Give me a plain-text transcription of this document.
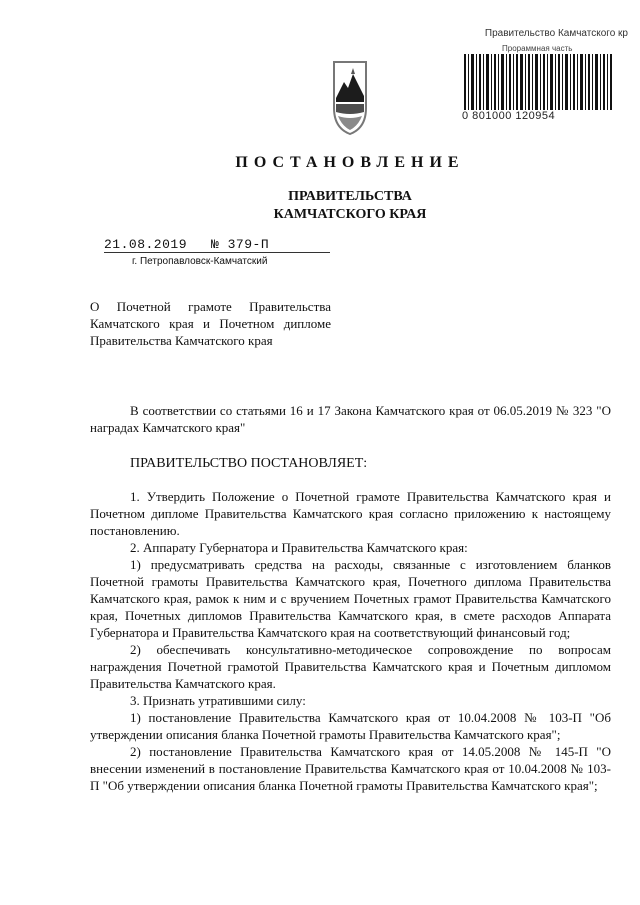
Правительство Камчатского кр
Прораммная часть
0 801000 120954
ПОСТАНОВЛЕНИЕ
ПРАВИТЕЛЬСТВА
КАМЧАТСКОГО КРАЯ
21.08.2019 № 379-П
г. Петропавловск-Камчатский
О Почетной грамоте Правительства Камчатского края и Почетном дипломе Правительства Камчатского края

В соответствии со статьями 16 и 17 Закона Камчатского края от 06.05.2019 № 323 "О наградах Камчатского края"

ПРАВИТЕЛЬСТВО ПОСТАНОВЛЯЕТ:

1. Утвердить Положение о Почетной грамоте Правительства Камчатского края и Почетном дипломе Правительства Камчатского края согласно приложению к настоящему постановлению.

2. Аппарату Губернатора и Правительства Камчатского края:

1) предусматривать средства на расходы, связанные с изготовлением бланков Почетной грамоты Правительства Камчатского края, Почетного диплома Правительства Камчатского края, рамок к ним и с вручением Почетных грамот Правительства Камчатского края, Почетных дипломов Правительства Камчатского края, в смете расходов Аппарата Губернатора и Правительства Камчатского края на соответствующий финансовый год;

2) обеспечивать консультативно-методическое сопровождение по вопросам награждения Почетной грамотой Правительства Камчатского края и Почетным дипломом Правительства Камчатского края.

3. Признать утратившими силу:

1) постановление Правительства Камчатского края от 10.04.2008 № 103-П "Об утверждении описания бланка Почетной грамоты Правительства Камчатского края";

2) постановление Правительства Камчатского края от 14.05.2008 № 145-П "О внесении изменений в постановление Правительства Камчатского края от 10.04.2008 № 103-П "Об утверждении описания бланка Почетной грамоты Правительства Камчатского края";
